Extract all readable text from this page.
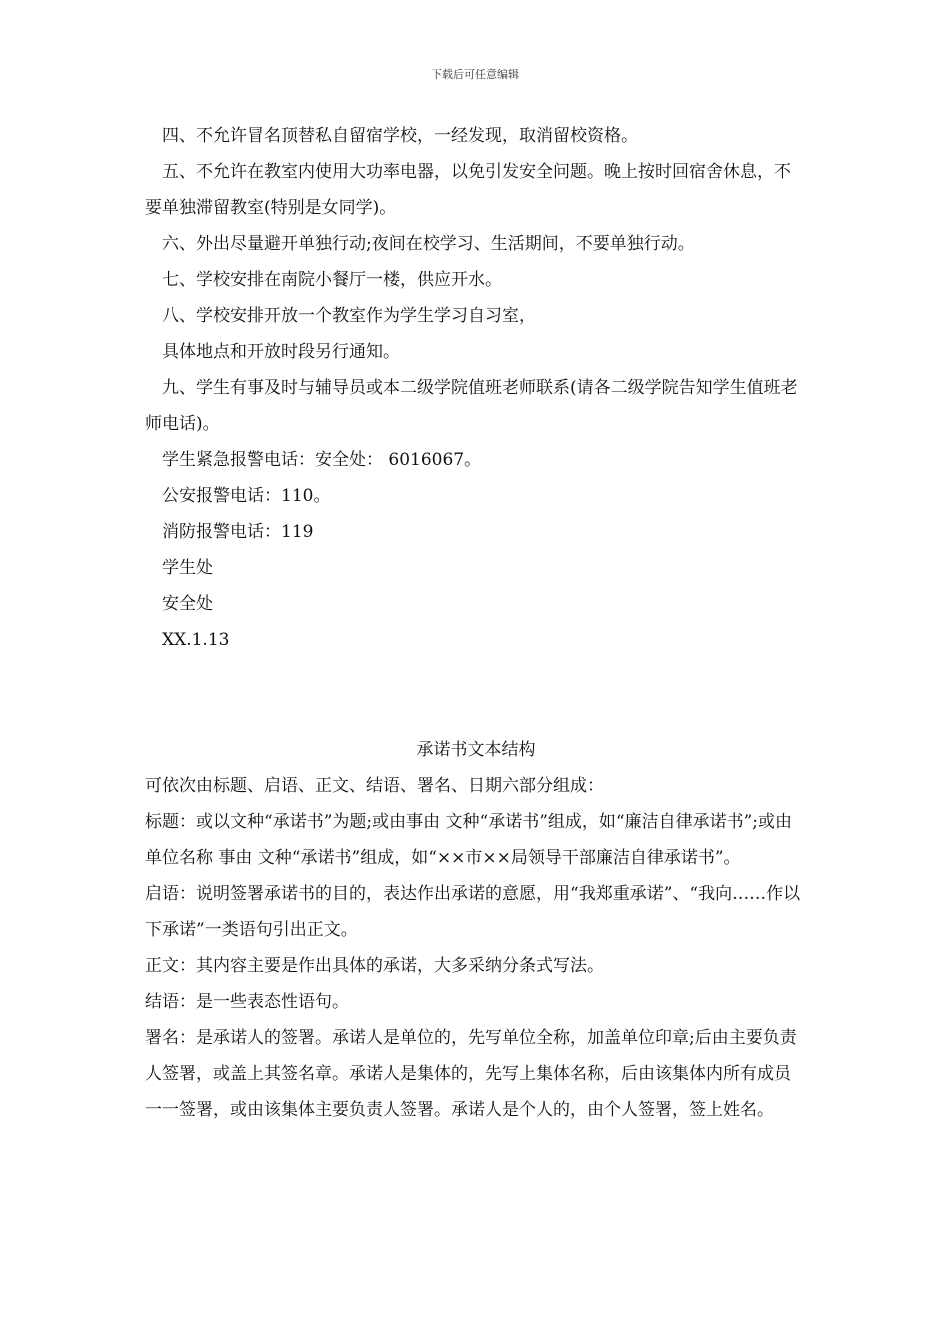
下载后可任意编辑

四、不允许冒名顶替私自留宿学校，一经发现，取消留校资格。

五、不允许在教室内使用大功率电器，以免引发安全问题。晚上按时回宿舍休息，不要单独滞留教室(特别是女同学)。

六、外出尽量避开单独行动;夜间在校学习、生活期间，不要单独行动。

七、学校安排在南院小餐厅一楼，供应开水。

八、学校安排开放一个教室作为学生学习自习室，

具体地点和开放时段另行通知。

九、学生有事及时与辅导员或本二级学院值班老师联系(请各二级学院告知学生值班老师电话)。

学生紧急报警电话：安全处： 6016067。

公安报警电话：110。

消防报警电话：119

学生处

安全处

XX.1.13

承诺书文本结构

可依次由标题、启语、正文、结语、署名、日期六部分组成：

标题：或以文种“承诺书”为题;或由事由 文种“承诺书”组成，如“廉洁自律承诺书”;或由单位名称 事由 文种“承诺书”组成，如“××市××局领导干部廉洁自律承诺书”。

启语：说明签署承诺书的目的，表达作出承诺的意愿，用“我郑重承诺”、“我向……作以下承诺”一类语句引出正文。

正文：其内容主要是作出具体的承诺，大多采纳分条式写法。

结语：是一些表态性语句。

署名：是承诺人的签署。承诺人是单位的，先写单位全称，加盖单位印章;后由主要负责人签署，或盖上其签名章。承诺人是集体的，先写上集体名称，后由该集体内所有成员一一签署，或由该集体主要负责人签署。承诺人是个人的，由个人签署，签上姓名。
